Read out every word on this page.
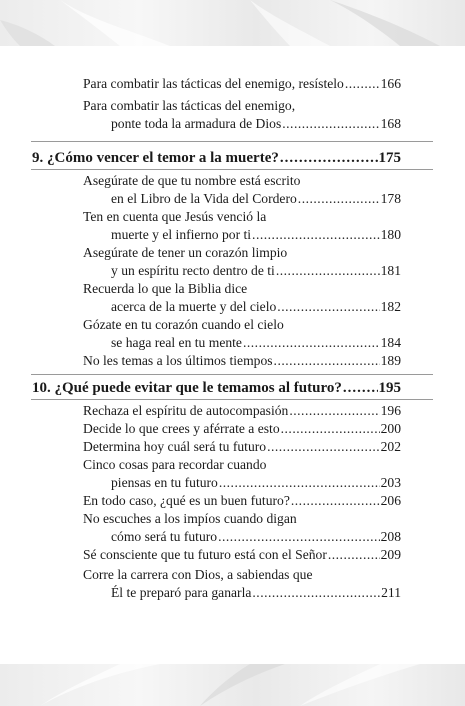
Para combatir las tácticas del enemigo, resístelo .....	166
Para combatir las tácticas del enemigo,
ponte toda la armadura de Dios .....	168
9. ¿Cómo vencer el temor a la muerte? .....	175
Asegúrate de que tu nombre está escrito
en el Libro de la Vida del Cordero .....	178
Ten en cuenta que Jesús venció la
muerte y el infierno por ti .....	180
Asegúrate de tener un corazón limpio
y un espíritu recto dentro de ti .....	181
Recuerda lo que la Biblia dice
acerca de la muerte y del cielo .....	182
Gózate en tu corazón cuando el cielo
se haga real en tu mente .....	184
No les temas a los últimos tiempos .....	189
10. ¿Qué puede evitar que le temamos al futuro? ..... 195
Rechaza el espíritu de autocompasión .....	196
Decide lo que crees y aférrate a esto .....	200
Determina hoy cuál será tu futuro .....	202
Cinco cosas para recordar cuando
piensas en tu futuro .....	203
En todo caso, ¿qué es un buen futuro? .....	206
No escuches a los impíos cuando digan
cómo será tu futuro .....	208
Sé consciente que tu futuro está con el Señor .....	209
Corre la carrera con Dios, a sabiendas que
Él te preparó para ganarla .....	211
